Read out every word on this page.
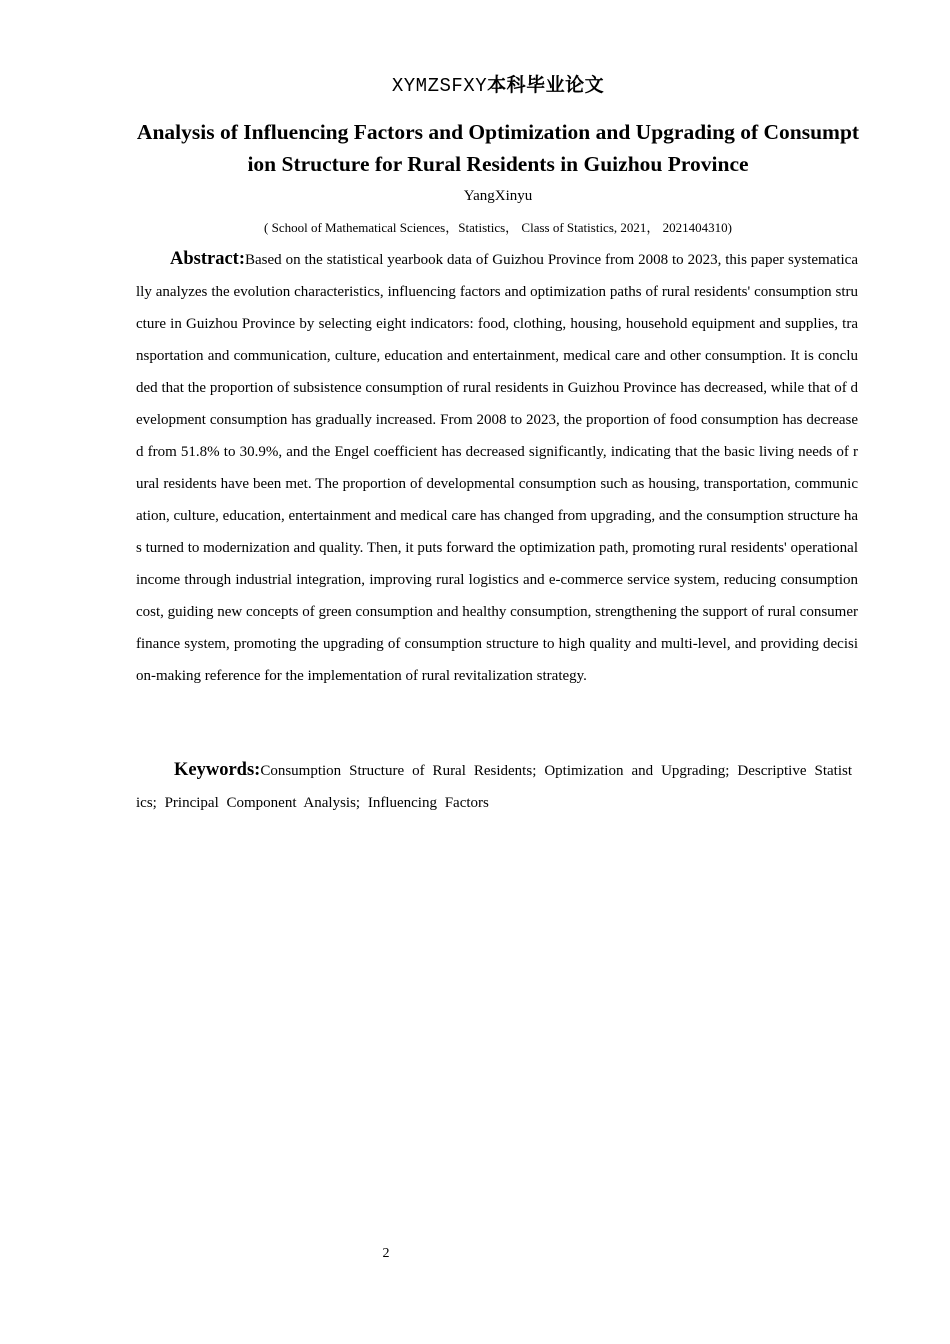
XYMZSFXY本科毕业论文
Analysis of Influencing Factors and Optimization and Upgrading of Consumption Structure for Rural Residents in Guizhou Province
YangXinyu
( School of Mathematical Sciences，Statistics， Class of Statistics, 2021， 2021404310)

Abstract:Based on the statistical yearbook data of Guizhou Province from 2008 to 2023, this paper systematically analyzes the evolution characteristics, influencing factors and optimization paths of rural residents' consumption structure in Guizhou Province by selecting eight indicators: food, clothing, housing, household equipment and supplies, transportation and communication, culture, education and entertainment, medical care and other consumption. It is concluded that the proportion of subsistence consumption of rural residents in Guizhou Province has decreased, while that of development consumption has gradually increased. From 2008 to 2023, the proportion of food consumption has decreased from 51.8% to 30.9%, and the Engel coefficient has decreased significantly, indicating that the basic living needs of rural residents have been met. The proportion of developmental consumption such as housing, transportation, communication, culture, education, entertainment and medical care has changed from upgrading, and the consumption structure has turned to modernization and quality. Then, it puts forward the optimization path, promoting rural residents' operational income through industrial integration, improving rural logistics and e-commerce service system, reducing consumption cost, guiding new concepts of green consumption and healthy consumption, strengthening the support of rural consumer finance system, promoting the upgrading of consumption structure to high quality and multi-level, and providing decision-making reference for the implementation of rural revitalization strategy.

Keywords:Consumption Structure of Rural Residents; Optimization and Upgrading; Descriptive Statistics; Principal Component Analysis; Influencing Factors

2
